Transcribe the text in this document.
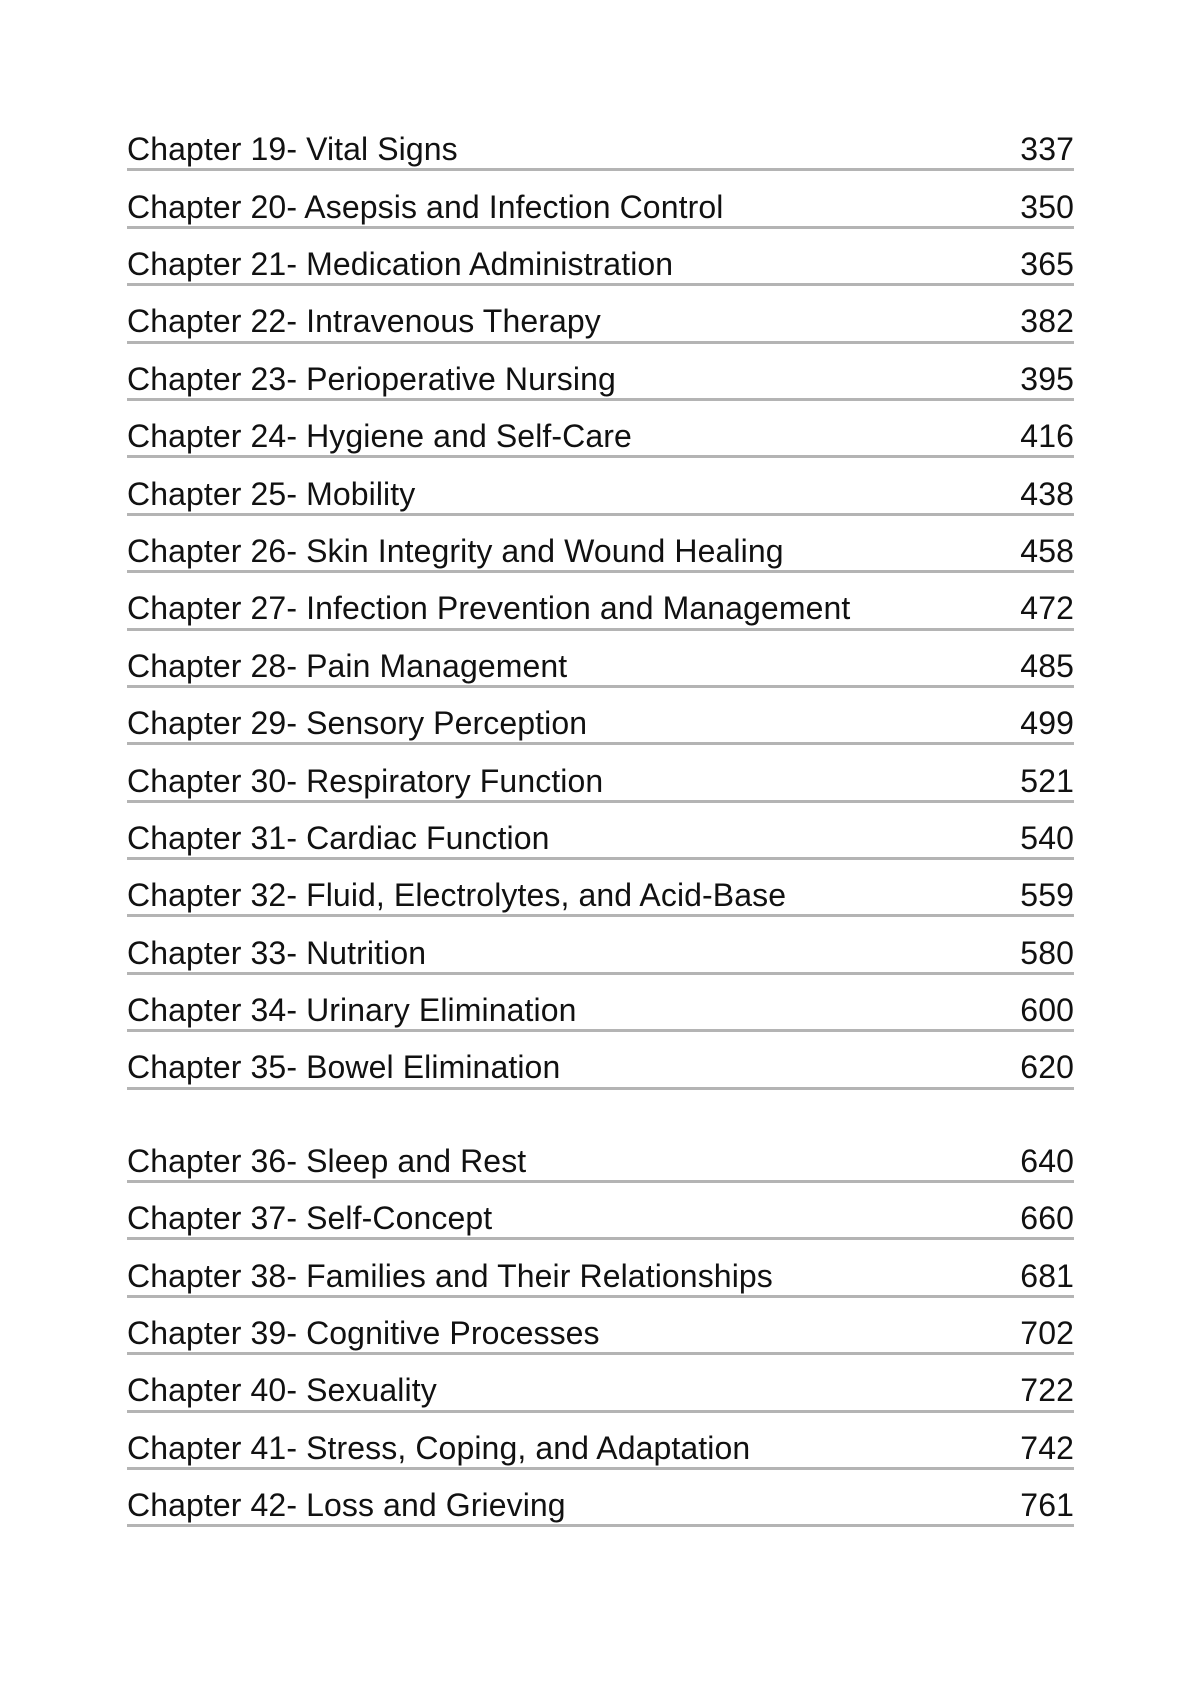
Chapter 19- Vital Signs	337
Chapter 20- Asepsis and Infection Control	350
Chapter 21- Medication Administration	365
Chapter 22- Intravenous Therapy	382
Chapter 23- Perioperative Nursing	395
Chapter 24- Hygiene and Self-Care	416
Chapter 25- Mobility	438
Chapter 26- Skin Integrity and Wound Healing	458
Chapter 27- Infection Prevention and Management	472
Chapter 28- Pain Management	485
Chapter 29- Sensory Perception	499
Chapter 30- Respiratory Function	521
Chapter 31- Cardiac Function	540
Chapter 32- Fluid, Electrolytes, and Acid-Base	559
Chapter 33- Nutrition	580
Chapter 34- Urinary Elimination	600
Chapter 35- Bowel Elimination	620
Chapter 36- Sleep and Rest	640
Chapter 37- Self-Concept	660
Chapter 38- Families and Their Relationships	681
Chapter 39- Cognitive Processes	702
Chapter 40- Sexuality	722
Chapter 41- Stress, Coping, and Adaptation	742
Chapter 42- Loss and Grieving	761
